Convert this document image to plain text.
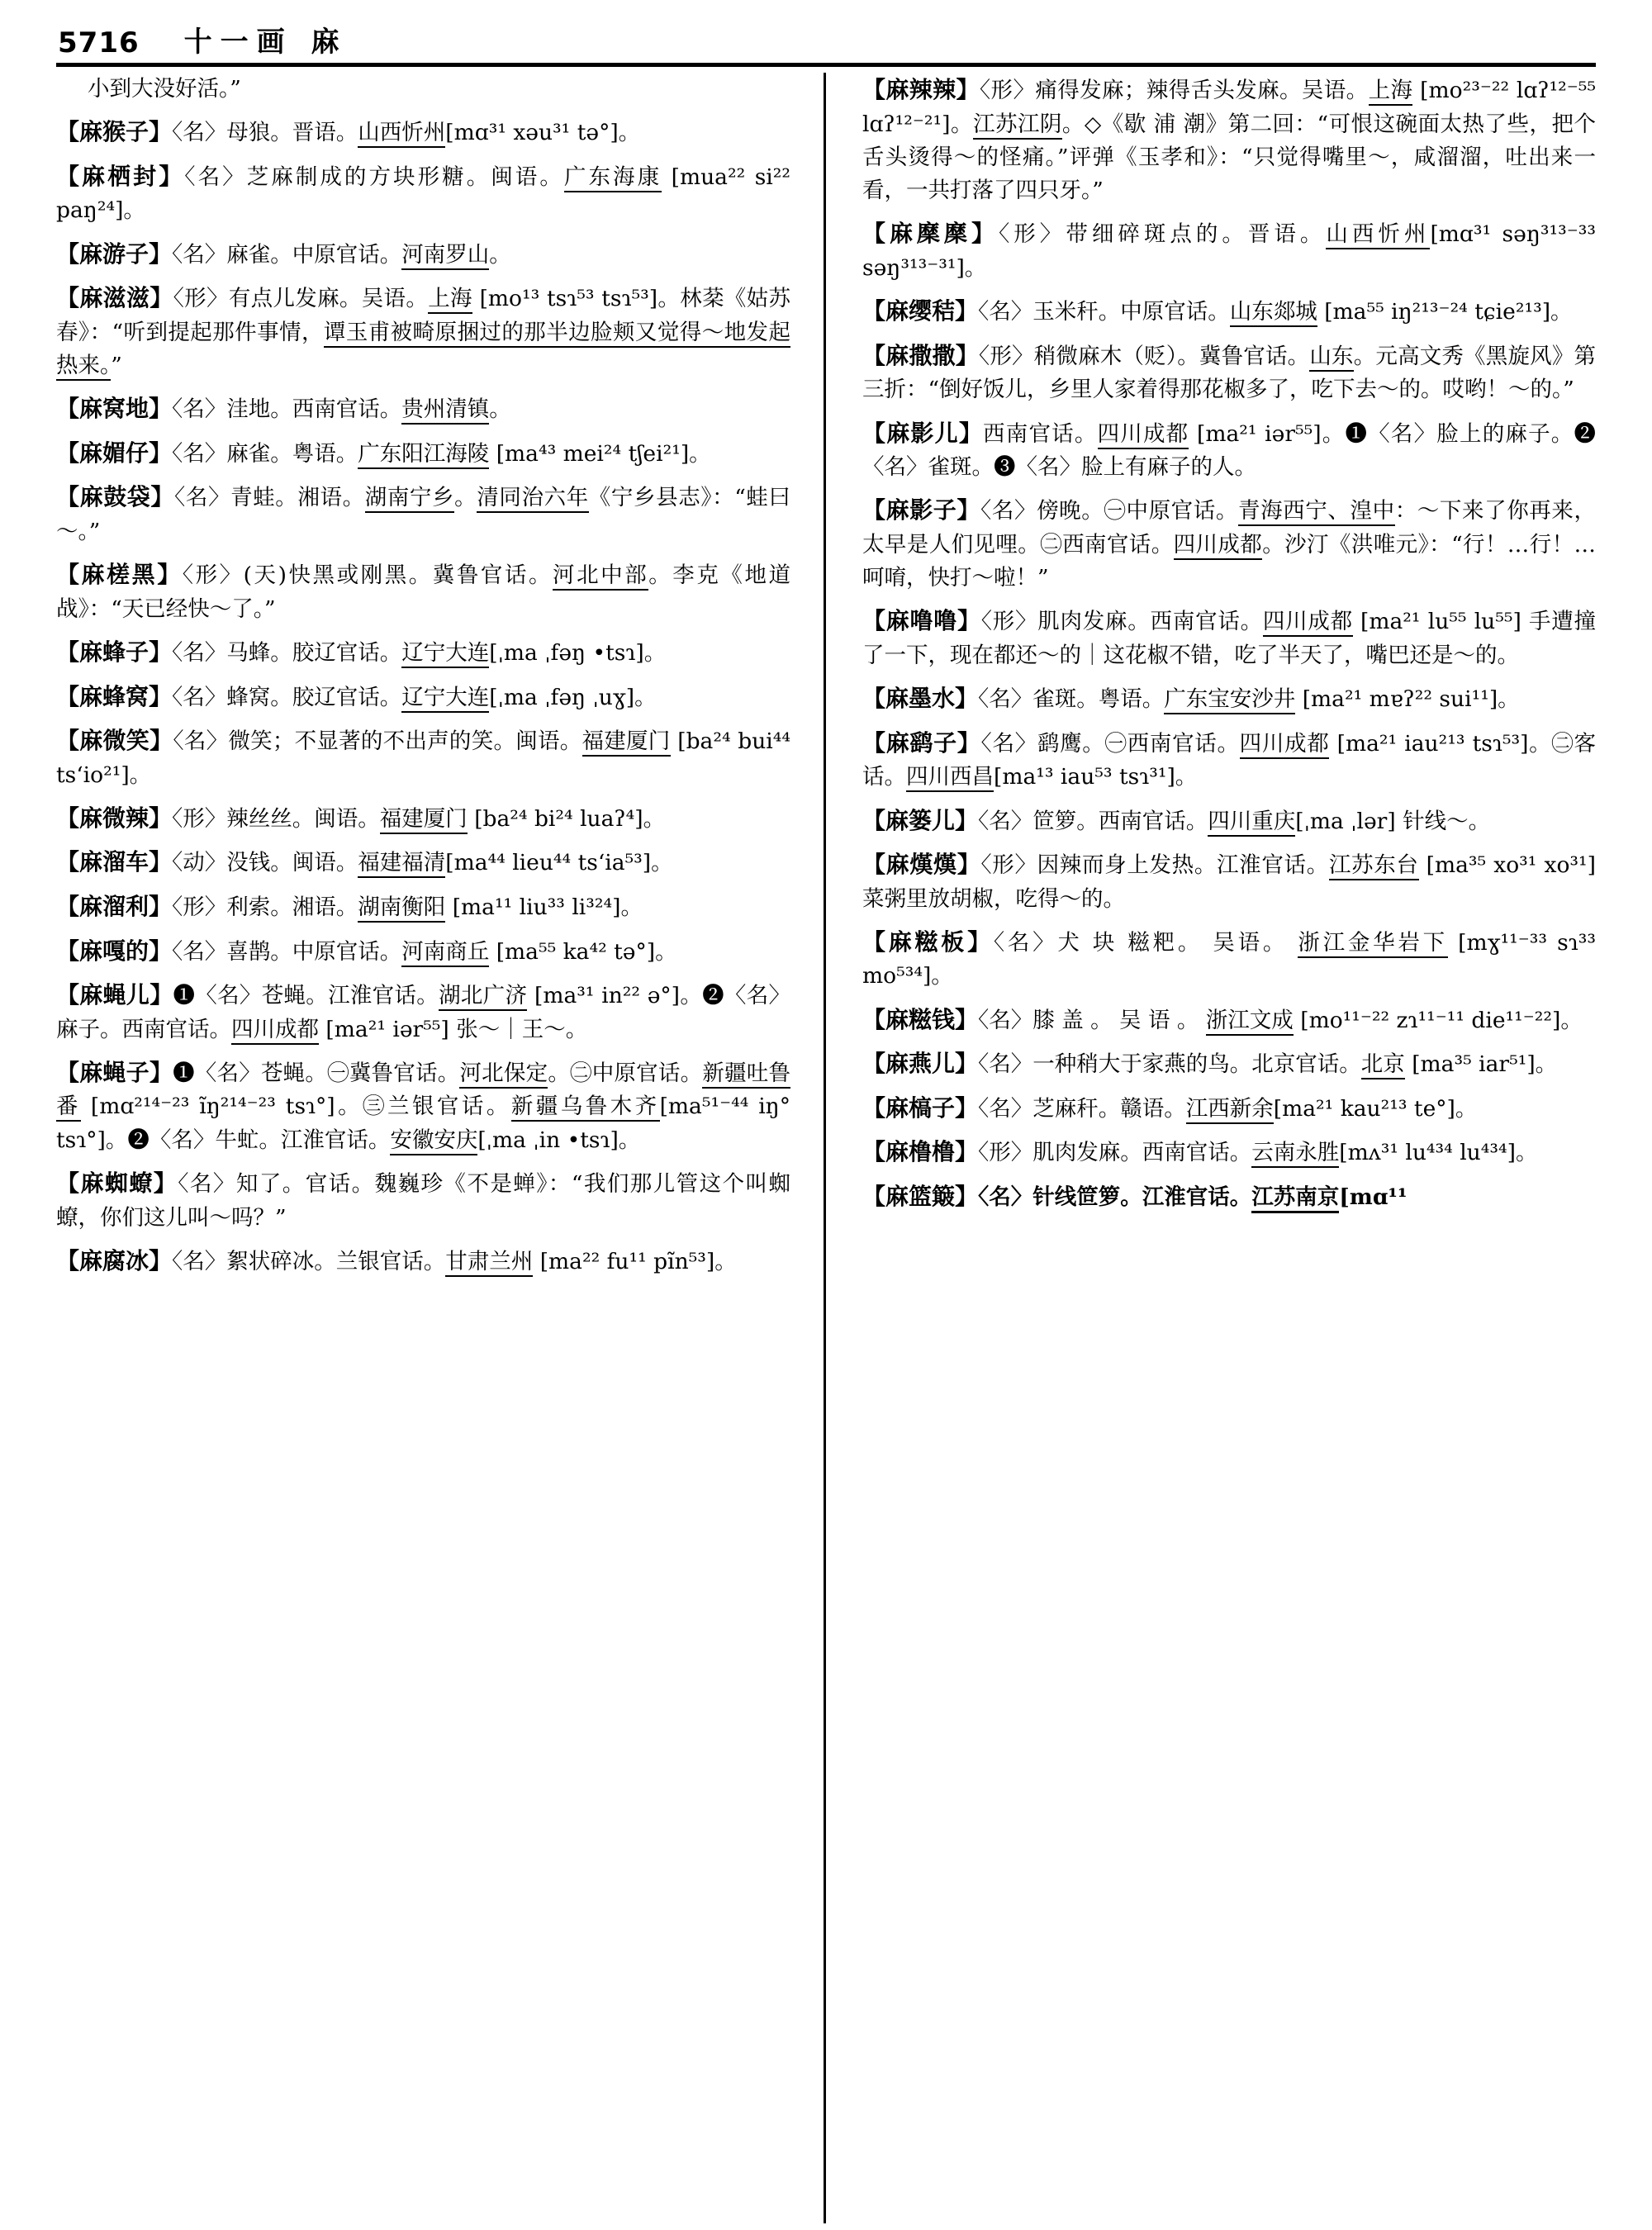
5716 十一画 麻
小到大没好活。”
【麻猴子】〈名〉母狼。晋语。山西忻州[mɑ³¹ xəu³¹ tə°]。
【麻栖封】〈名〉芝麻制成的方块形糖。闽语。广东海康 [mua²² si²² paŋ²⁴]。
【麻游子】〈名〉麻雀。中原官话。河南罗山。
【麻滋滋】〈形〉有点儿发麻。吴语。上海 [mo¹³ tsɿ⁵³ tsɿ⁵³]。林棻《姑苏春》：“听到提起那件事情，谭玉甫被畸原捆过的那半边脸颊又觉得～地发起热来。”
【麻窝地】〈名〉洼地。西南官话。贵州清镇。
【麻媚仔】〈名〉麻雀。粤语。广东阳江海陵 [ma⁴³ mei²⁴ tʃei²¹]。
【麻鼓袋】〈名〉青蛙。湘语。湖南宁乡。清同治六年《宁乡县志》：“蛙曰～。”
【麻槎黑】〈形〉(天)快黑或刚黑。冀鲁官话。河北中部。李克《地道战》：“天已经快～了。”
【麻蜂子】〈名〉马蜂。胶辽官话。辽宁大连[ˌma ˌfəŋ •tsɿ]。
【麻蜂窝】〈名〉蜂窝。胶辽官话。辽宁大连[ˌma ˌfəŋ ˌuɣ]。
【麻微笑】〈名〉微笑；不显著的不出声的笑。闽语。福建厦门 [ba²⁴ bui⁴⁴ tsʻio²¹]。
【麻微辣】〈形〉辣丝丝。闽语。福建厦门 [ba²⁴ bi²⁴ luaʔ⁴]。
【麻溜车】〈动〉没钱。闽语。福建福清[ma⁴⁴ lieu⁴⁴ tsʻia⁵³]。
【麻溜利】〈形〉利索。湘语。湖南衡阳 [ma¹¹ liu³³ li³²⁴]。
【麻嘎的】〈名〉喜鹊。中原官话。河南商丘 [ma⁵⁵ ka⁴² tə°]。
【麻蝇儿】❶〈名〉苍蝇。江淮官话。湖北广济 [ma³¹ in²² ə°]。❷〈名〉麻子。西南官话。四川成都 [ma²¹ iər⁵⁵] 张～｜王～。
【麻蝇子】❶〈名〉苍蝇。㊀冀鲁官话。河北保定。㊁中原官话。新疆吐鲁番 [mɑ²¹⁴⁻²³ ĩŋ²¹⁴⁻²³ tsɿ°]。㊂兰银官话。新疆乌鲁木齐[ma⁵¹⁻⁴⁴ iŋ° tsɿ°]。❷〈名〉牛虻。江淮官话。安徽安庆[ˌma ˌin •tsɿ]。
【麻蜘蟟】〈名〉知了。官话。魏巍珍《不是蝉》：“我们那儿管这个叫蜘蟟，你们这儿叫～吗？”
【麻腐冰】〈名〉絮状碎冰。兰银官话。甘肃兰州 [ma²² fu¹¹ pĩn⁵³]。
【麻辣辣】〈形〉痛得发麻；辣得舌头发麻。吴语。上海 [mo²³⁻²² lɑʔ¹²⁻⁵⁵ lɑʔ¹²⁻²¹]。江苏江阴。◇《歇 浦 潮》第二回：“可恨这碗面太热了些，把个舌头烫得～的怪痛。”评弹《玉孝和》：“只觉得嘴里～，咸溜溜，吐出来一看，一共打落了四只牙。”
【麻穈穈】〈形〉带细碎斑点的。晋语。山西忻州[mɑ³¹ səŋ³¹³⁻³³ səŋ³¹³⁻³¹]。
【麻缨秸】〈名〉玉米秆。中原官话。山东郯城 [ma⁵⁵ iŋ²¹³⁻²⁴ tɕie²¹³]。
【麻撒撒】〈形〉稍微麻木（贬）。冀鲁官话。山东。元高文秀《黑旋风》第三折：“倒好饭儿，乡里人家着得那花椒多了，吃下去～的。哎哟！～的。”
【麻影儿】西南官话。四川成都 [ma²¹ iər⁵⁵]。❶〈名〉脸上的麻子。❷〈名〉雀斑。❸〈名〉脸上有麻子的人。
【麻影子】〈名〉傍晚。㊀中原官话。青海西宁、湟中：～下来了你再来，太早是人们见哩。㊁西南官话。四川成都。沙汀《洪唯元》：“行！…行！…呵唷，快打～啦！”
【麻噜噜】〈形〉肌肉发麻。西南官话。四川成都 [ma²¹ lu⁵⁵ lu⁵⁵] 手遭撞了一下，现在都还～的｜这花椒不错，吃了半天了，嘴巴还是～的。
【麻墨水】〈名〉雀斑。粤语。广东宝安沙井 [ma²¹ mɐʔ²² sui¹¹]。
【麻鹞子】〈名〉鹞鹰。㊀西南官话。四川成都 [ma²¹ iau²¹³ tsɿ⁵³]。㊁客话。四川西昌[ma¹³ iau⁵³ tsɿ³¹]。
【麻篓儿】〈名〉笸箩。西南官话。四川重庆[ˌma ˌlər] 针线～。
【麻熯熯】〈形〉因辣而身上发热。江淮官话。江苏东台 [ma³⁵ xo³¹ xo³¹]菜粥里放胡椒，吃得～的。
【麻糍板】〈名〉犬 块 糍粑。 吴语。 浙江金华岩下 [mɣ¹¹⁻³³ sɿ³³ mo⁵³⁴]。
【麻糍钱】〈名〉膝 盖 。 吴 语 。 浙江文成 [mo¹¹⁻²² zɿ¹¹⁻¹¹ die¹¹⁻²²]。
【麻燕儿】〈名〉一种稍大于家燕的鸟。北京官话。北京 [ma³⁵ iar⁵¹]。
【麻槁子】〈名〉芝麻秆。赣语。江西新余[ma²¹ kau²¹³ te°]。
【麻橹橹】〈形〉肌肉发麻。西南官话。云南永胜[mʌ³¹ lu⁴³⁴ lu⁴³⁴]。
【麻篮簸】〈名〉针线笸箩。江淮官话。江苏南京[mɑ¹¹
